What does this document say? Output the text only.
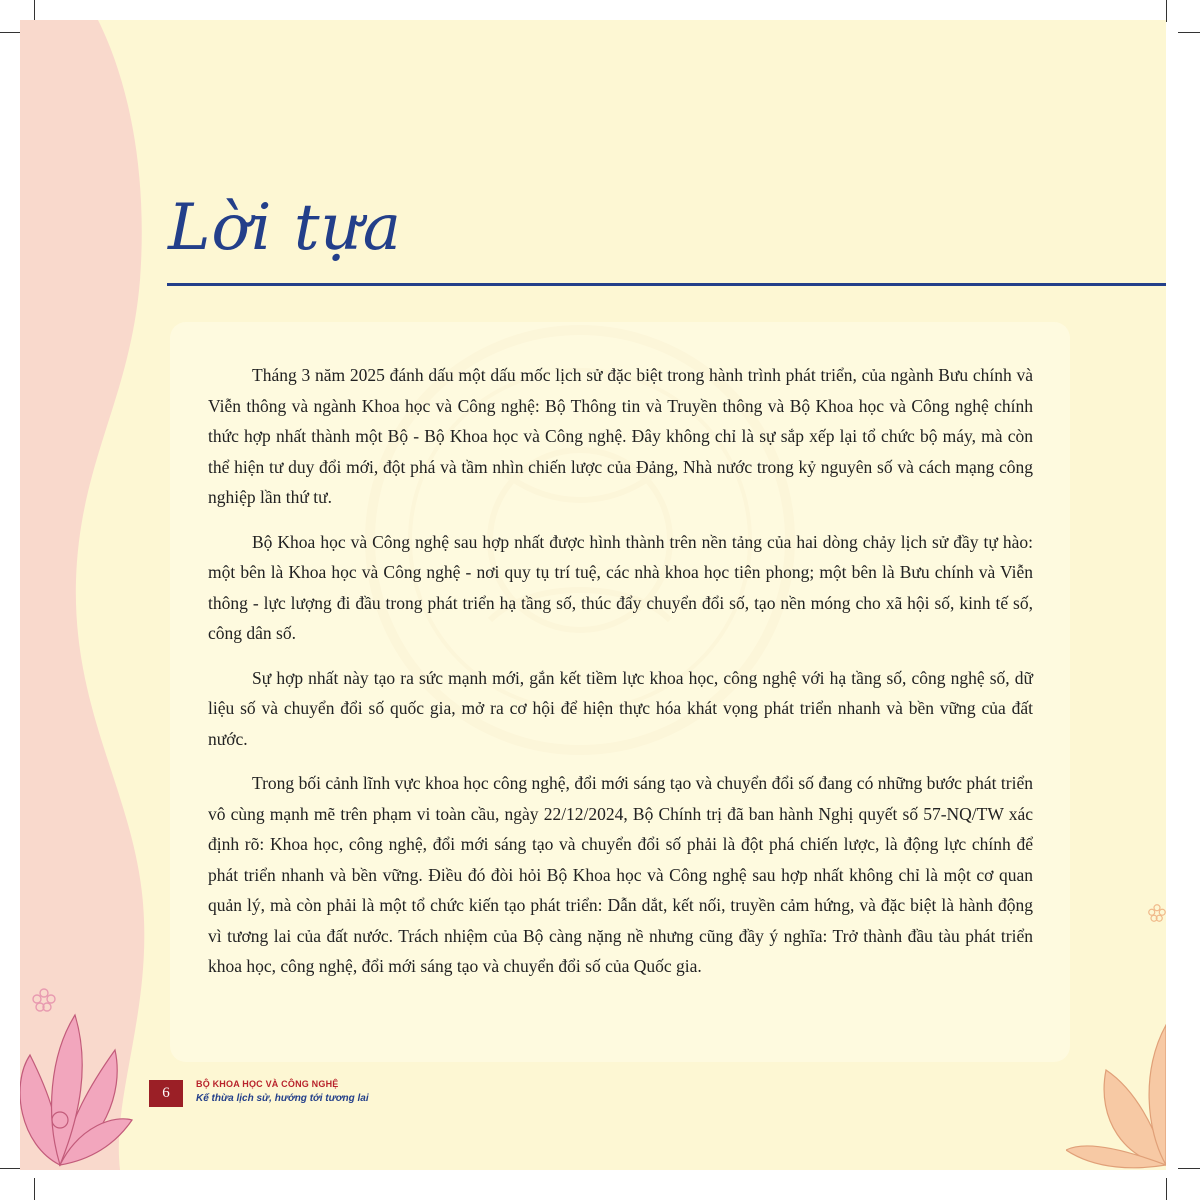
Lời tựa

Tháng 3 năm 2025 đánh dấu một dấu mốc lịch sử đặc biệt trong hành trình phát triển, của ngành Bưu chính và Viễn thông và ngành Khoa học và Công nghệ: Bộ Thông tin và Truyền thông và Bộ Khoa học và Công nghệ chính thức hợp nhất thành một Bộ - Bộ Khoa học và Công nghệ. Đây không chỉ là sự sắp xếp lại tổ chức bộ máy, mà còn thể hiện tư duy đổi mới, đột phá và tầm nhìn chiến lược của Đảng, Nhà nước trong kỷ nguyên số và cách mạng công nghiệp lần thứ tư.

Bộ Khoa học và Công nghệ sau hợp nhất được hình thành trên nền tảng của hai dòng chảy lịch sử đầy tự hào: một bên là Khoa học và Công nghệ - nơi quy tụ trí tuệ, các nhà khoa học tiên phong; một bên là Bưu chính và Viễn thông - lực lượng đi đầu trong phát triển hạ tầng số, thúc đẩy chuyển đổi số, tạo nền móng cho xã hội số, kinh tế số, công dân số.

Sự hợp nhất này tạo ra sức mạnh mới, gắn kết tiềm lực khoa học, công nghệ với hạ tầng số, công nghệ số, dữ liệu số và chuyển đổi số quốc gia, mở ra cơ hội để hiện thực hóa khát vọng phát triển nhanh và bền vững của đất nước.

Trong bối cảnh lĩnh vực khoa học công nghệ, đổi mới sáng tạo và chuyển đổi số đang có những bước phát triển vô cùng mạnh mẽ trên phạm vi toàn cầu, ngày 22/12/2024, Bộ Chính trị đã ban hành Nghị quyết số 57-NQ/TW xác định rõ: Khoa học, công nghệ, đổi mới sáng tạo và chuyển đổi số phải là đột phá chiến lược, là động lực chính để phát triển nhanh và bền vững. Điều đó đòi hỏi Bộ Khoa học và Công nghệ sau hợp nhất không chỉ là một cơ quan quản lý, mà còn phải là một tổ chức kiến tạo phát triển: Dẫn dắt, kết nối, truyền cảm hứng, và đặc biệt là hành động vì tương lai của đất nước. Trách nhiệm của Bộ càng nặng nề nhưng cũng đầy ý nghĩa: Trở thành đầu tàu phát triển khoa học, công nghệ, đổi mới sáng tạo và chuyển đổi số của Quốc gia.

6
BỘ KHOA HỌC VÀ CÔNG NGHỆ
Kế thừa lịch sử, hướng tới tương lai
